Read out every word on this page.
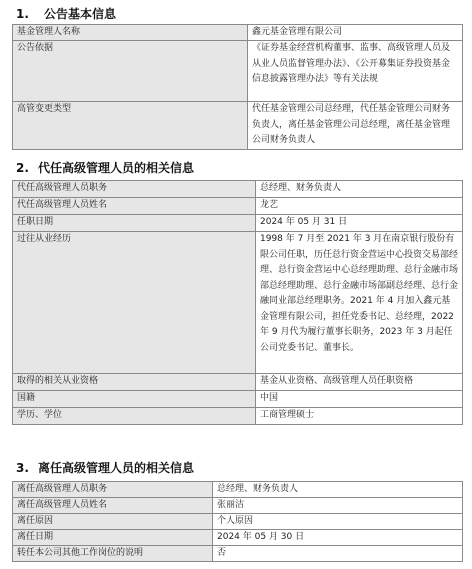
1. 公告基本信息
基金管理人名称	鑫元基金管理有限公司
公告依据	《证券基金经营机构董事、监事、高级管理人员及从业人员监督管理办法》、《公开募集证券投资基金信息披露管理办法》等有关法规
高管变更类型	代任基金管理公司总经理，代任基金管理公司财务负责人，离任基金管理公司总经理，离任基金管理公司财务负责人
2. 代任高级管理人员的相关信息
代任高级管理人员职务	总经理、财务负责人
代任高级管理人员姓名	龙艺
任职日期	2024 年 05 月 31 日
过往从业经历	1998 年 7 月至 2021 年 3 月在南京银行股份有限公司任职，历任总行资金营运中心投资交易部经理、总行资金营运中心总经理助理、总行金融市场部总经理助理、总行金融市场部副总经理、总行金融同业部总经理职务。2021 年 4 月加入鑫元基金管理有限公司，担任党委书记、总经理，2022 年 9 月代为履行董事长职务，2023 年 3 月起任公司党委书记、董事长。
取得的相关从业资格	基金从业资格、高级管理人员任职资格
国籍	中国
学历、学位	工商管理硕士
3. 离任高级管理人员的相关信息
离任高级管理人员职务	总经理、财务负责人
离任高级管理人员姓名	张丽洁
离任原因	个人原因
离任日期	2024 年 05 月 30 日
转任本公司其他工作岗位的说明	否
